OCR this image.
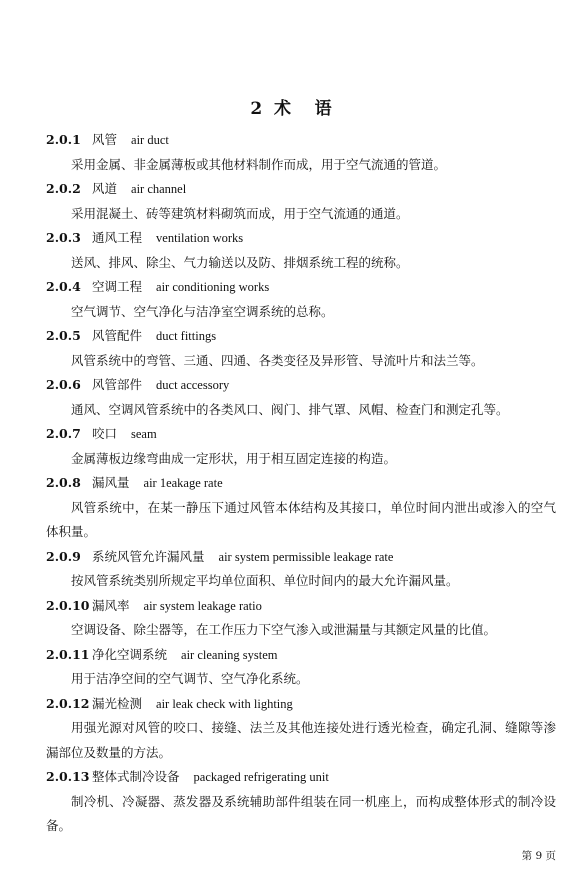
2  术    语
2.0.1 风管 air duct

采用金属、非金属薄板或其他材料制作而成，用于空气流通的管道。

2.0.2 风道 air channel

采用混凝土、砖等建筑材料砌筑而成，用于空气流通的通道。

2.0.3 通风工程 ventilation works

送风、排风、除尘、气力输送以及防、排烟系统工程的统称。

2.0.4 空调工程 air conditioning works

空气调节、空气净化与洁净室空调系统的总称。

2.0.5 风管配件 duct fittings

风管系统中的弯管、三通、四通、各类变径及异形管、导流叶片和法兰等。

2.0.6 风管部件 duct accessory

通风、空调风管系统中的各类风口、阀门、排气罩、风帽、检查门和测定孔等。

2.0.7 咬口 seam

金属薄板边缘弯曲成一定形状，用于相互固定连接的构造。

2.0.8 漏风量 air 1eakage rate

风管系统中，在某一静压下通过风管本体结构及其接口，单位时间内泄出或渗入的空气体积量。

2.0.9 系统风管允许漏风量 air system permissible leakage rate

按风管系统类别所规定平均单位面积、单位时间内的最大允许漏风量。

2.0.10 漏风率 air system leakage ratio

空调设备、除尘器等，在工作压力下空气渗入或泄漏量与其额定风量的比值。

2.0.11 净化空调系统 air cleaning system

用于洁净空间的空气调节、空气净化系统。

2.0.12 漏光检测 air leak check with lighting

用强光源对风管的咬口、接缝、法兰及其他连接处进行透光检查，确定孔洞、缝隙等渗漏部位及数量的方法。

2.0.13 整体式制冷设备 packaged refrigerating unit

制冷机、冷凝器、蒸发器及系统辅助部件组装在同一机座上，而构成整体形式的制冷设备。

第 9 页
